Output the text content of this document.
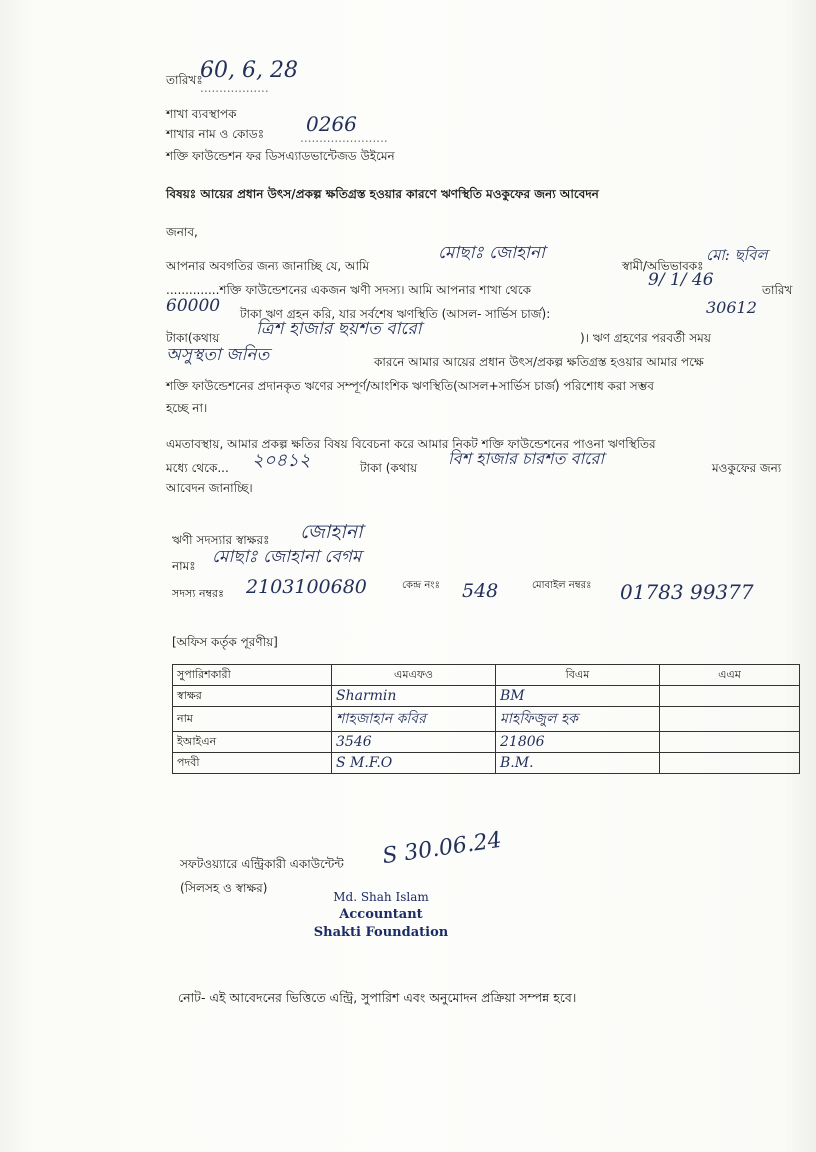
তারিখঃ
60, 6, 28
..................
শাখা ব্যবস্থাপক
শাখার নাম ও কোডঃ 0266
.......................
শক্তি ফাউন্ডেশন ফর ডিসএ্যাডভান্টেজড উইমেন
বিষয়ঃ আয়ের প্রধান উৎস/প্রকল্প ক্ষতিগ্রস্ত হওয়ার কারণে ঋণস্থিতি মওকুফের জন্য আবেদন
জনাব,
আপনার অবগতির জন্য জানাচ্ছি যে, আমি
মোছাঃ জোহানা
স্বামী/অভিভাবকঃ
মো: ছবিল
..............শক্তি ফাউন্ডেশনের একজন ঋণী সদস্য। আমি আপনার শাখা থেকে	9/ 1/ 46	তারিখ
60000 টাকা ঋণ গ্রহন করি, যার সর্বশেষ ঋণস্থিতি (আসল- সার্ভিস চার্জ):	30612
টাকা(কথায় ত্রিশ হাজার ছয়শত বারো	)। ঋণ গ্রহণের পরবর্তী সময়
অসুস্থতা জনিত	কারনে আমার আয়ের প্রধান উৎস/প্রকল্প ক্ষতিগ্রস্ত হওয়ার আমার পক্ষে
শক্তি ফাউন্ডেশনের প্রদানকৃত ঋণের সম্পূর্ণ/আংশিক ঋণস্থিতি(আসল+সার্ভিস চার্জ) পরিশোধ করা সম্ভব
হচ্ছে না।
এমতাবস্থায়, আমার প্রকল্প ক্ষতির বিষয় বিবেচনা করে আমার নিকট শক্তি ফাউন্ডেশনের পাওনা ঋণস্থিতির
মধ্যে থেকে... ২০৪১২	টাকা (কথায় বিশ হাজার চারশত বারো	মওকুফের জন্য
আবেদন জানাচ্ছি।
ঋণী সদস্যার স্বাক্ষরঃ জোহানা
নামঃ মোছাঃ জোহানা বেগম
সদস্য নম্বরঃ 2103100680	কেন্দ্র নংঃ 548	মোবাইল নম্বরঃ 01783 99377
[অফিস কর্তৃক পূরণীয়]
সুপারিশকারী	এমএফও	বিএম	এএম
স্বাক্ষর	Sharmin	BM	
নাম	শাহজাহান কবির	মাহফিজুল হক	
ইআইএন	3546	21806	
পদবী	S M.F.O	B.M.	
সফটওয়্যারে এন্ট্রিকারী একাউন্টেন্ট
(সিলসহ ও স্বাক্ষর)
S 30.06.24
Md. Shah Islam
Accountant
Shakti Foundation
নোট- এই আবেদনের ভিত্তিতে এন্ট্রি, সুপারিশ এবং অনুমোদন প্রক্রিয়া সম্পন্ন হবে।
